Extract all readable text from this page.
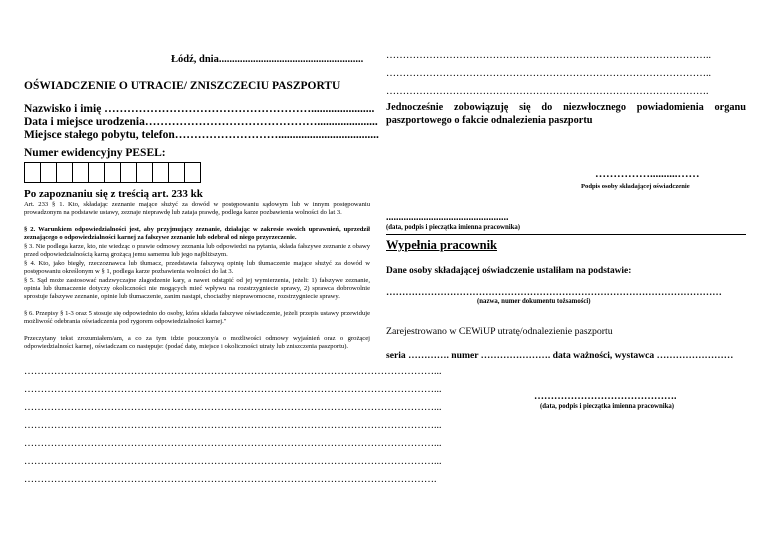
Łódź, dnia.......................................................
OŚWIADCZENIE O UTRACIE/ ZNISZCZECIU PASZPORTU
Nazwisko i imię ………………………………………………......................
Data i miejsce urodzenia……………………………………….....................
Miejsce stałego pobytu, telefon………………………...................................
Numer ewidencyjny PESEL:
Po zapoznaniu się z treścią art. 233 kk
Art. 233 § 1. Kto, składając zeznanie mające służyć za dowód w postępowaniu sądowym lub w innym postępowaniu prowadzonym na podstawie ustawy, zeznaje nieprawdę lub zataja prawdę, podlega karze pozbawienia wolności do lat 3.
§ 2. Warunkiem odpowiedzialności jest, aby przyjmujący zeznanie, działając w zakresie swoich uprawnień, uprzedził zeznającego o odpowiedzialności karnej za fałszywe zeznanie lub odebrał od niego przyrzeczenie.
§ 3. Nie podlega karze, kto, nie wiedząc o prawie odmowy zeznania lub odpowiedzi na pytania, składa fałszywe zeznanie z obawy przed odpowiedzialnością karną grożącą jemu samemu lub jego najbliższym.
§ 4. Kto, jako biegły, rzeczoznawca lub tłumacz, przedstawia fałszywą opinię lub tłumaczenie mające służyć za dowód w postępowaniu określonym w § 1, podlega karze pozbawienia wolności do lat 3.
§ 5. Sąd może zastosować nadzwyczajne złagodzenie kary, a nawet odstąpić od jej wymierzenia, jeżeli: 1) fałszywe zeznanie, opinia lub tłumaczenie dotyczy okoliczności nie mogących mieć wpływu na rozstrzygniecie sprawy, 2) sprawca dobrowolnie sprostuje fałszywe zeznanie, opinie lub tłumaczenie, zanim nastąpi, chociażby nieprawomocne, rozstrzygniecie sprawy.
§ 6. Przepisy § 1-3 oraz 5 stosuje się odpowiednio do osoby, która składa fałszywe oświadczenie, jeżeli przepis ustawy przewiduje możliwość odebrania oświadczenia pod rygorem odpowiedzialności karnej."
Przeczytany tekst zrozumiałem/am, a co za tym idzie pouczony/a o możliwości odmowy wyjaśnień oraz o grożącej odpowiedzialności karnej, oświadczam co następuje: (podać datę, miejsce i okoliczności utraty lub zniszczenia paszportu).
……………………………………………………………………………………………………………...
……………………………………………………………………………………………………………...
……………………………………………………………………………………………………………...
……………………………………………………………………………………………………………...
……………………………………………………………………………………………………………...
……………………………………………………………………………………………………………...
…………………………………………………………………………………………………………….
……………………………………………………………………………………..
……………………………………………………………………………………..
…………………………………………………………………………………….
Jednocześnie zobowiązuję się do niezwłocznego powiadomienia organu paszportowego o fakcie odnalezienia paszportu
……………..........……
Podpis osoby składającej oświadczenie
.................................................
(data, podpis i pieczątka imienna pracownika)
Wypełnia pracownik
Dane osoby składającej oświadczenie ustaliłam na podstawie:
……………………………………………………………………………………………
(nazwa, numer dokumentu tożsamości)
Zarejestrowano w CEWiUP utratę/odnalezienie paszportu
seria …………. numer …………………. data ważności, wystawca ……………………
…………………………………….
(data, podpis i pieczątka imienna pracownika)
